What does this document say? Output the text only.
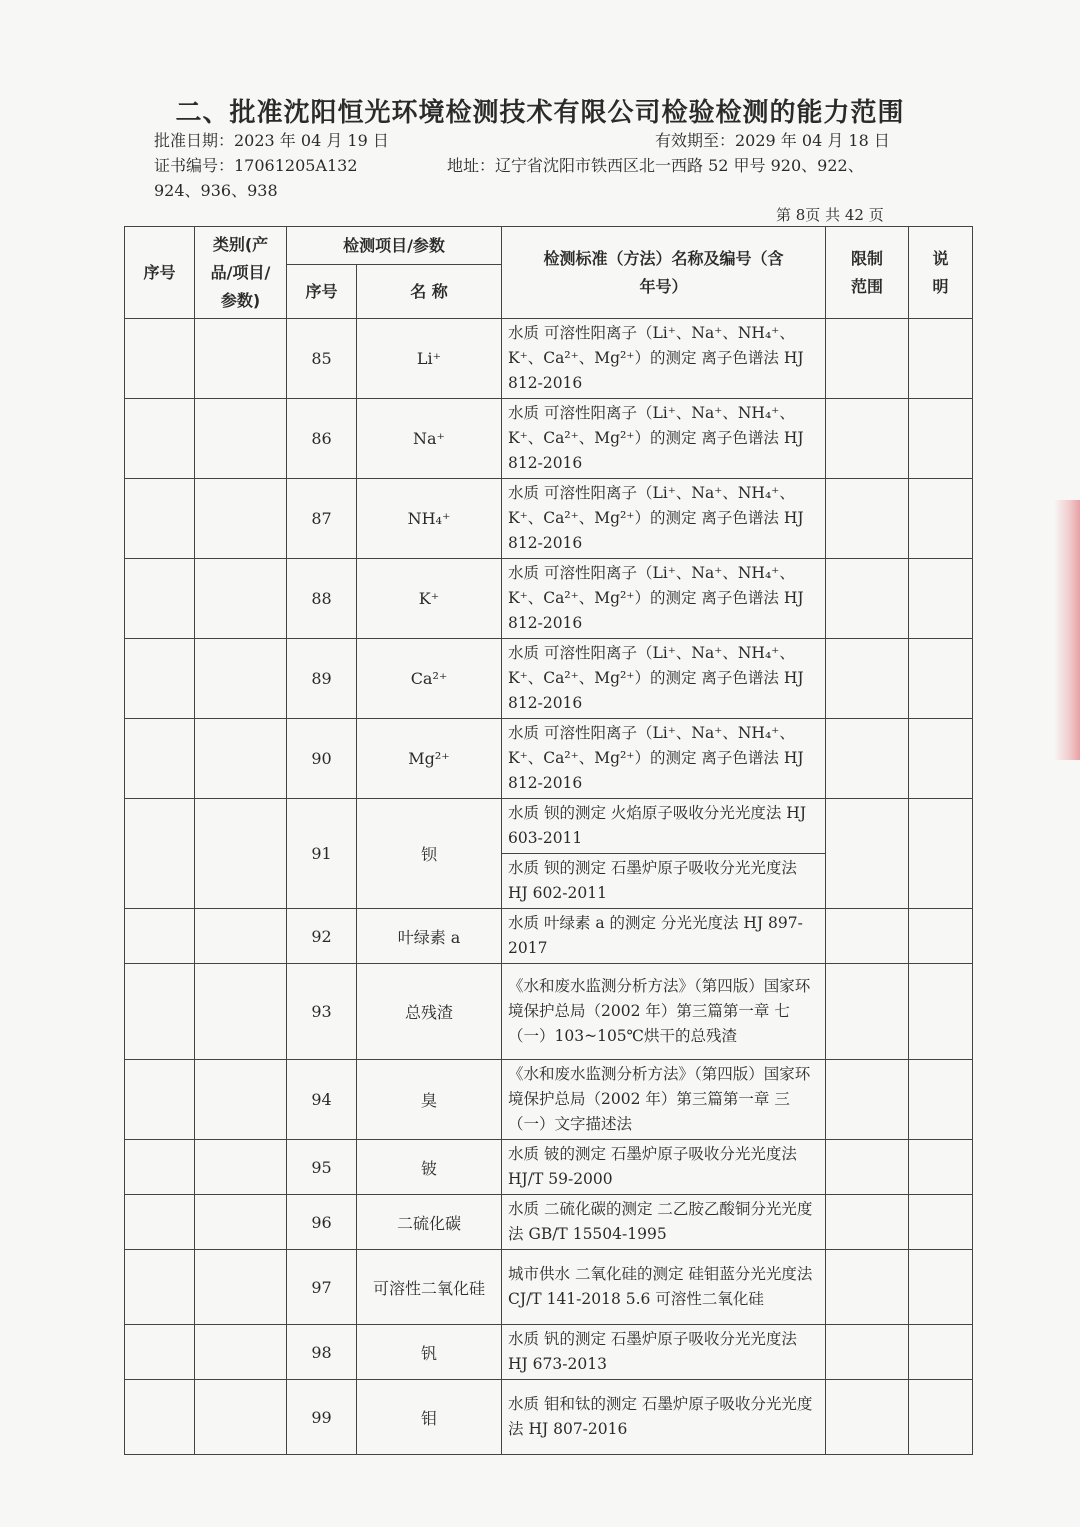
二、批准沈阳恒光环境检测技术有限公司检验检测的能力范围
批准日期：2023 年 04 月 19 日	有效期至：2029 年 04 月 18 日
证书编号：17061205A132	地址：辽宁省沈阳市铁西区北一西路 52 甲号 920、922、
924、936、938
第 8页 共 42 页
序号	类别(产品/项目/参数)	检测项目/参数		检测标准（方法）名称及编号（含年号）	限制范围	说明
		序号	名 称			
		85	Li⁺	水质 可溶性阳离子（Li⁺、Na⁺、NH₄⁺、K⁺、Ca²⁺、Mg²⁺）的测定 离子色谱法 HJ 812-2016		
		86	Na⁺	水质 可溶性阳离子（Li⁺、Na⁺、NH₄⁺、K⁺、Ca²⁺、Mg²⁺）的测定 离子色谱法 HJ 812-2016		
		87	NH₄⁺	水质 可溶性阳离子（Li⁺、Na⁺、NH₄⁺、K⁺、Ca²⁺、Mg²⁺）的测定 离子色谱法 HJ 812-2016		
		88	K⁺	水质 可溶性阳离子（Li⁺、Na⁺、NH₄⁺、K⁺、Ca²⁺、Mg²⁺）的测定 离子色谱法 HJ 812-2016		
		89	Ca²⁺	水质 可溶性阳离子（Li⁺、Na⁺、NH₄⁺、K⁺、Ca²⁺、Mg²⁺）的测定 离子色谱法 HJ 812-2016		
		90	Mg²⁺	水质 可溶性阳离子（Li⁺、Na⁺、NH₄⁺、K⁺、Ca²⁺、Mg²⁺）的测定 离子色谱法 HJ 812-2016		
		91	钡	水质 钡的测定 火焰原子吸收分光光度法 HJ 603-2011		
				水质 钡的测定 石墨炉原子吸收分光光度法 HJ 602-2011		
		92	叶绿素 a	水质 叶绿素 a 的测定 分光光度法 HJ 897-2017		
		93	总残渣	《水和废水监测分析方法》（第四版）国家环境保护总局（2002 年）第三篇第一章 七（一）103~105℃烘干的总残渣		
		94	臭	《水和废水监测分析方法》（第四版）国家环境保护总局（2002 年）第三篇第一章 三（一）文字描述法		
		95	铍	水质 铍的测定 石墨炉原子吸收分光光度法 HJ/T 59-2000		
		96	二硫化碳	水质 二硫化碳的测定 二乙胺乙酸铜分光光度法 GB/T 15504-1995		
		97	可溶性二氧化硅	城市供水 二氧化硅的测定 硅钼蓝分光光度法 CJ/T 141-2018 5.6 可溶性二氧化硅		
		98	钒	水质 钒的测定 石墨炉原子吸收分光光度法 HJ 673-2013		
		99	钼	水质 钼和钛的测定 石墨炉原子吸收分光光度法 HJ 807-2016		
